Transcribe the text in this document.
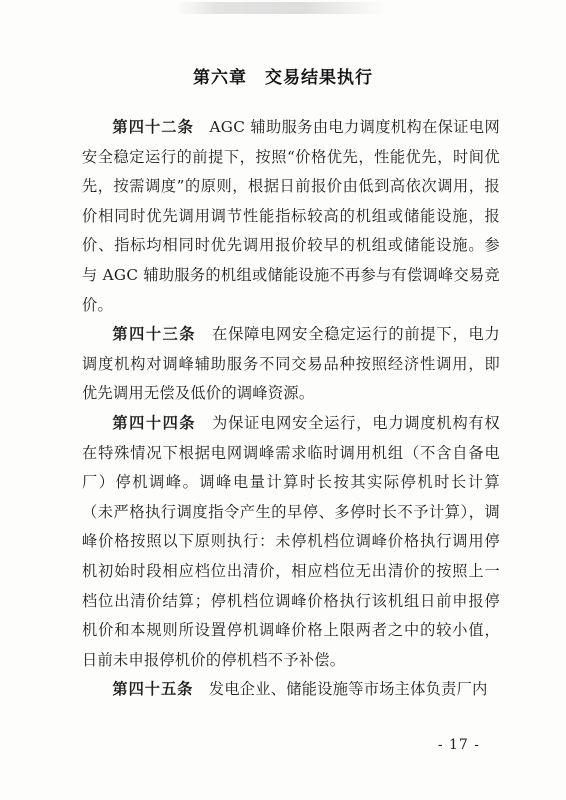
第六章　交易结果执行

第四十二条　 AGC 辅助服务由电力调度机构在保证电网安全稳定运行的前提下，按照“价格优先，性能优先，时间优先，按需调度”的原则，根据日前报价由低到高依次调用，报价相同时优先调用调节性能指标较高的机组或储能设施，报价、指标均相同时优先调用报价较早的机组或储能设施。参与 AGC 辅助服务的机组或储能设施不再参与有偿调峰交易竞价。

第四十三条　 在保障电网安全稳定运行的前提下，电力调度机构对调峰辅助服务不同交易品种按照经济性调用，即优先调用无偿及低价的调峰资源。

第四十四条　 为保证电网安全运行，电力调度机构有权在特殊情况下根据电网调峰需求临时调用机组（不含自备电厂）停机调峰。调峰电量计算时长按其实际停机时长计算（未严格执行调度指令产生的早停、多停时长不予计算），调峰价格按照以下原则执行：未停机档位调峰价格执行调用停机初始时段相应档位出清价，相应档位无出清价的按照上一档位出清价结算；停机档位调峰价格执行该机组日前申报停机价和本规则所设置停机调峰价格上限两者之中的较小值，日前未申报停机价的停机档不予补偿。

第四十五条　 发电企业、储能设施等市场主体负责厂内

- 17 -
